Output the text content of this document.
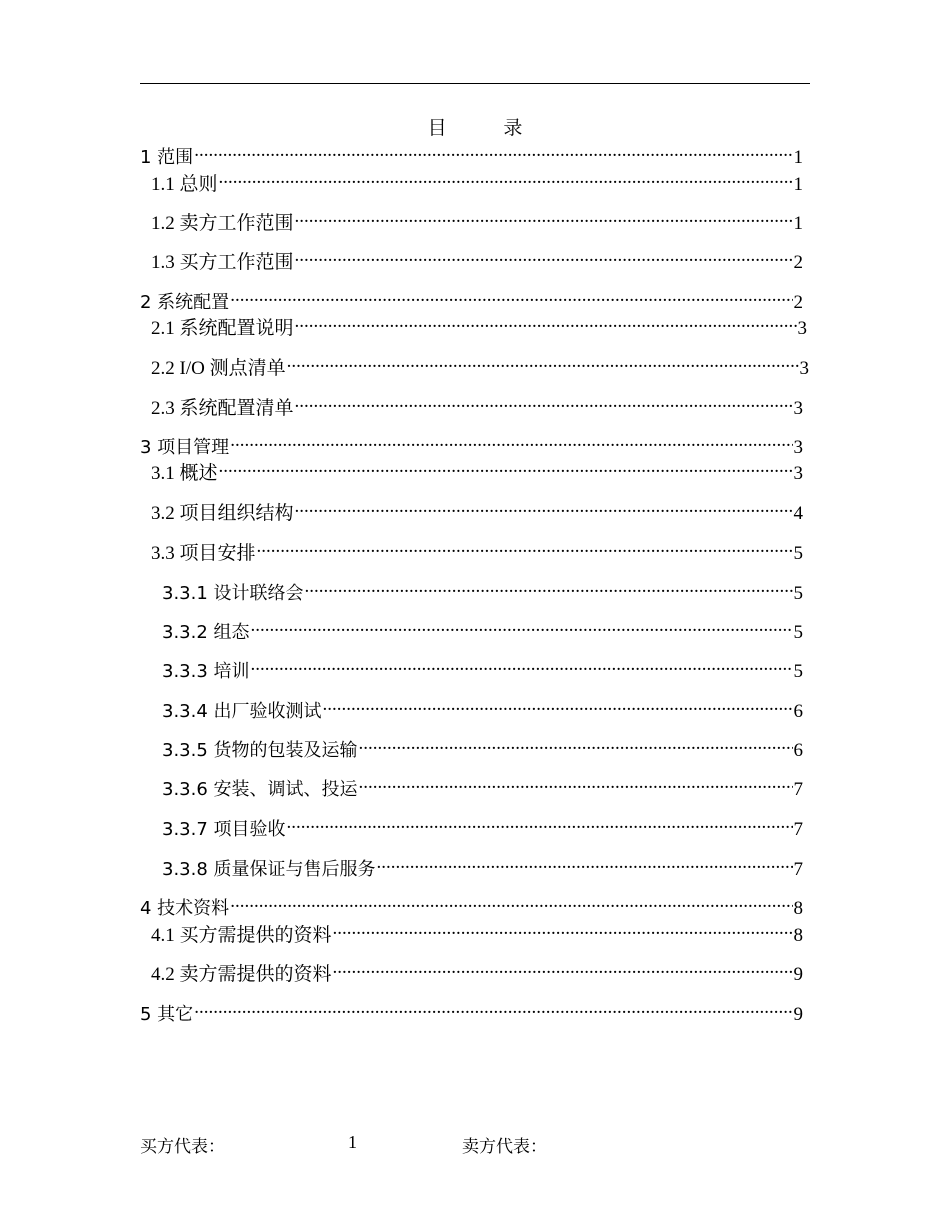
目 录
1 范围 .....	1
1.1 总则 .....	1
1.2 卖方工作范围 .....	1
1.3 买方工作范围 .....	2
2 系统配置 .....	2
2.1 系统配置说明 .....	3
2.2 I/O 测点清单 .....	3
2.3 系统配置清单 .....	3
3 项目管理 .....	3
3.1 概述 .....	3
3.2 项目组织结构 .....	4
3.3 项目安排 .....	5
3.3.1 设计联络会 .....	5
3.3.2 组态 .....	5
3.3.3 培训 .....	5
3.3.4 出厂验收测试 .....	6
3.3.5 货物的包装及运输 .....	6
3.3.6 安装、调试、投运 .....	7
3.3.7 项目验收 .....	7
3.3.8 质量保证与售后服务 .....	7
4 技术资料 .....	8
4.1 买方需提供的资料 .....	8
4.2 卖方需提供的资料 .....	9
5 其它 .....	9
买方代表：	1	卖方代表：
